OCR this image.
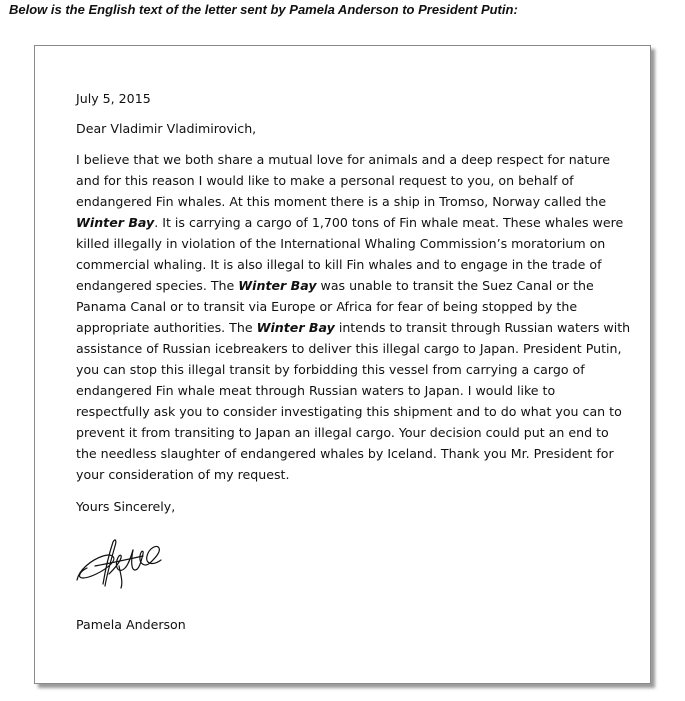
Below is the English text of the letter sent by Pamela Anderson to President Putin:
July 5, 2015
Dear Vladimir Vladimirovich,
I believe that we both share a mutual love for animals and a deep respect for nature
and for this reason I would like to make a personal request to you, on behalf of
endangered Fin whales. At this moment there is a ship in Tromso, Norway called the
Winter Bay. It is carrying a cargo of 1,700 tons of Fin whale meat. These whales were
killed illegally in violation of the International Whaling Commission’s moratorium on
commercial whaling. It is also illegal to kill Fin whales and to engage in the trade of
endangered species. The Winter Bay was unable to transit the Suez Canal or the
Panama Canal or to transit via Europe or Africa for fear of being stopped by the
appropriate authorities. The Winter Bay intends to transit through Russian waters with
assistance of Russian icebreakers to deliver this illegal cargo to Japan. President Putin,
you can stop this illegal transit by forbidding this vessel from carrying a cargo of
endangered Fin whale meat through Russian waters to Japan. I would like to
respectfully ask you to consider investigating this shipment and to do what you can to
prevent it from transiting to Japan an illegal cargo. Your decision could put an end to
the needless slaughter of endangered whales by Iceland. Thank you Mr. President for
your consideration of my request.
Yours Sincerely,
Pamela Anderson
